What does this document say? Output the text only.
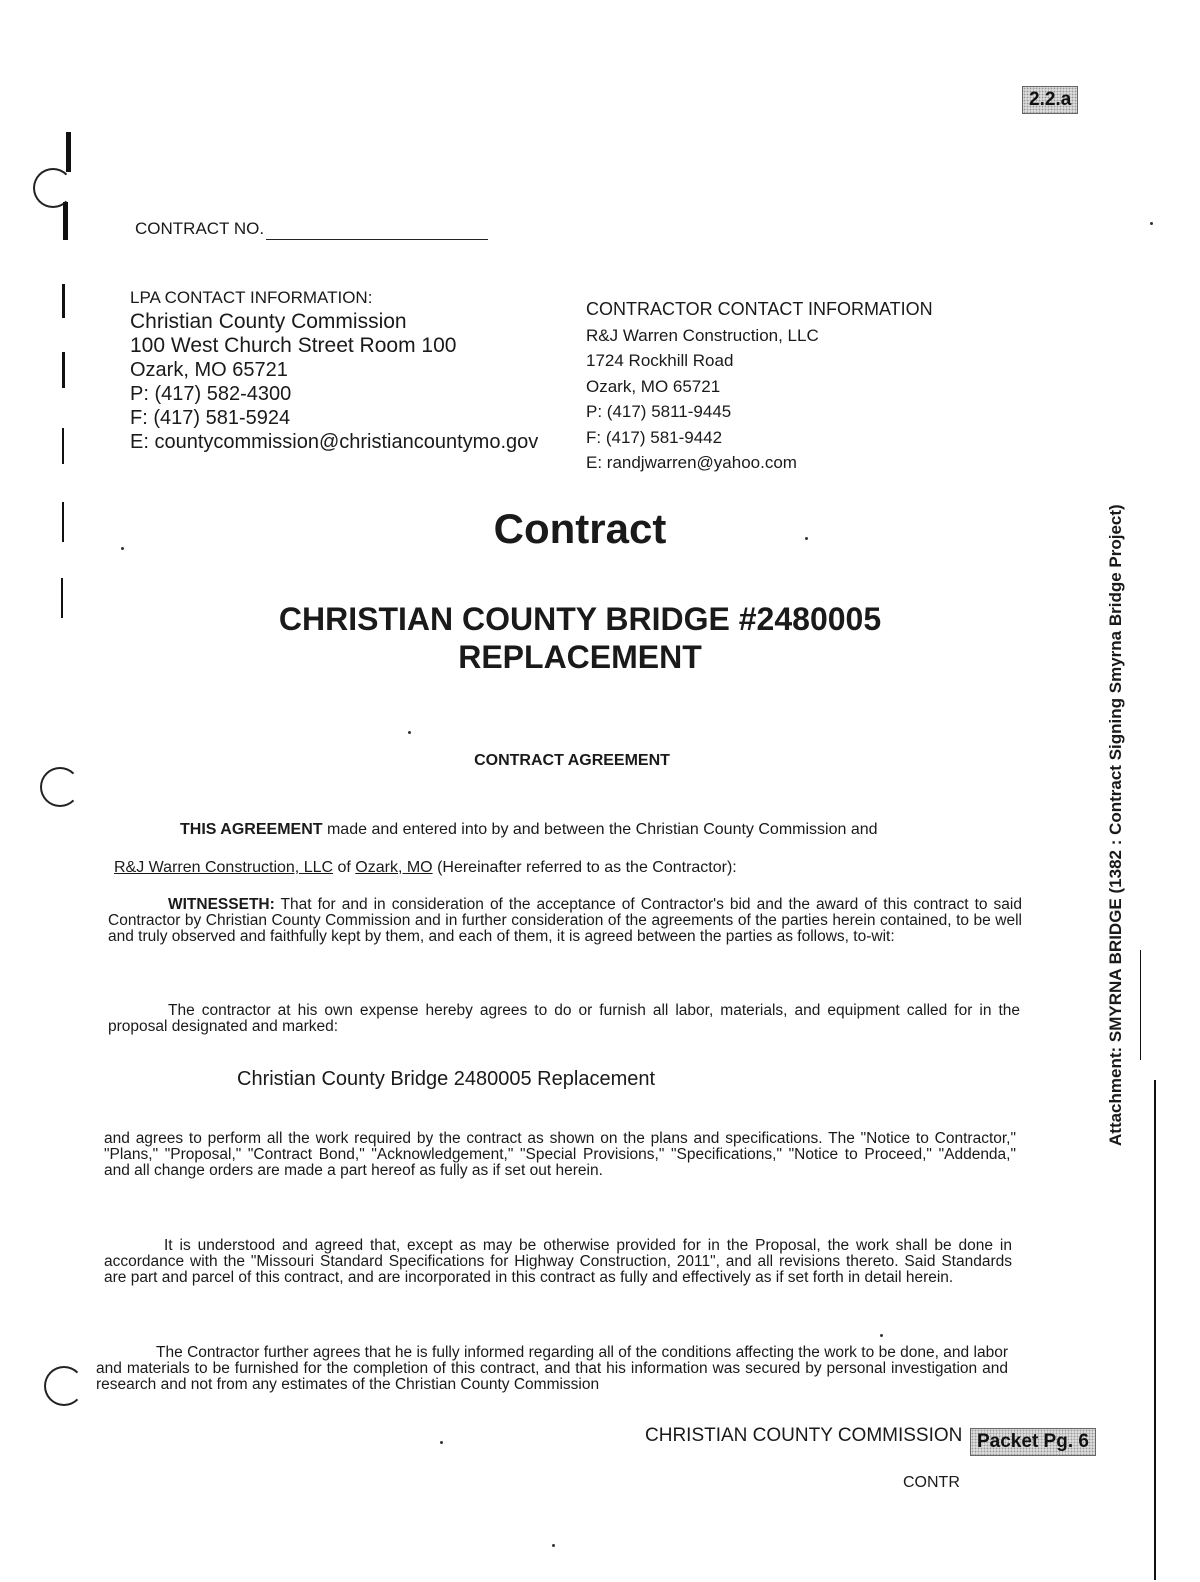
2.2.a
Packet Pg. 6
CONTRACT NO.
LPA CONTACT INFORMATION:
Christian County Commission
100 West Church Street Room 100
Ozark, MO 65721
P: (417) 582-4300
F: (417) 581-5924
E: countycommission@christiancountymo.gov
CONTRACTOR CONTACT INFORMATION
R&J Warren Construction, LLC
1724 Rockhill Road
Ozark, MO 65721
P: (417) 5811-9445
F: (417) 581-9442
E: randjwarren@yahoo.com
Contract
CHRISTIAN COUNTY BRIDGE #2480005
REPLACEMENT
CONTRACT AGREEMENT
THIS AGREEMENT made and entered into by and between the Christian County Commission and
R&J Warren Construction, LLC of Ozark, MO (Hereinafter referred to as the Contractor):
WITNESSETH: That for and in consideration of the acceptance of Contractor's bid and the award of this contract to said Contractor by Christian County Commission and in further consideration of the agreements of the parties herein contained, to be well and truly observed and faithfully kept by them, and each of them, it is agreed between the parties as follows, to-wit:
The contractor at his own expense hereby agrees to do or furnish all labor, materials, and equipment called for in the proposal designated and marked:
Christian County Bridge 2480005 Replacement
and agrees to perform all the work required by the contract as shown on the plans and specifications. The "Notice to Contractor," "Plans," "Proposal," "Contract Bond," "Acknowledgement," "Special Provisions," "Specifications," "Notice to Proceed," "Addenda," and all change orders are made a part hereof as fully as if set out herein.
It is understood and agreed that, except as may be otherwise provided for in the Proposal, the work shall be done in accordance with the "Missouri Standard Specifications for Highway Construction, 2011", and all revisions thereto. Said Standards are part and parcel of this contract, and are incorporated in this contract as fully and effectively as if set forth in detail herein.
The Contractor further agrees that he is fully informed regarding all of the conditions affecting the work to be done, and labor and materials to be furnished for the completion of this contract, and that his information was secured by personal investigation and research and not from any estimates of the Christian County Commission
CHRISTIAN COUNTY COMMISSION
CONTR
Attachment: SMYRNA BRIDGE (1382 : Contract Signing Smyrna Bridge Project)
